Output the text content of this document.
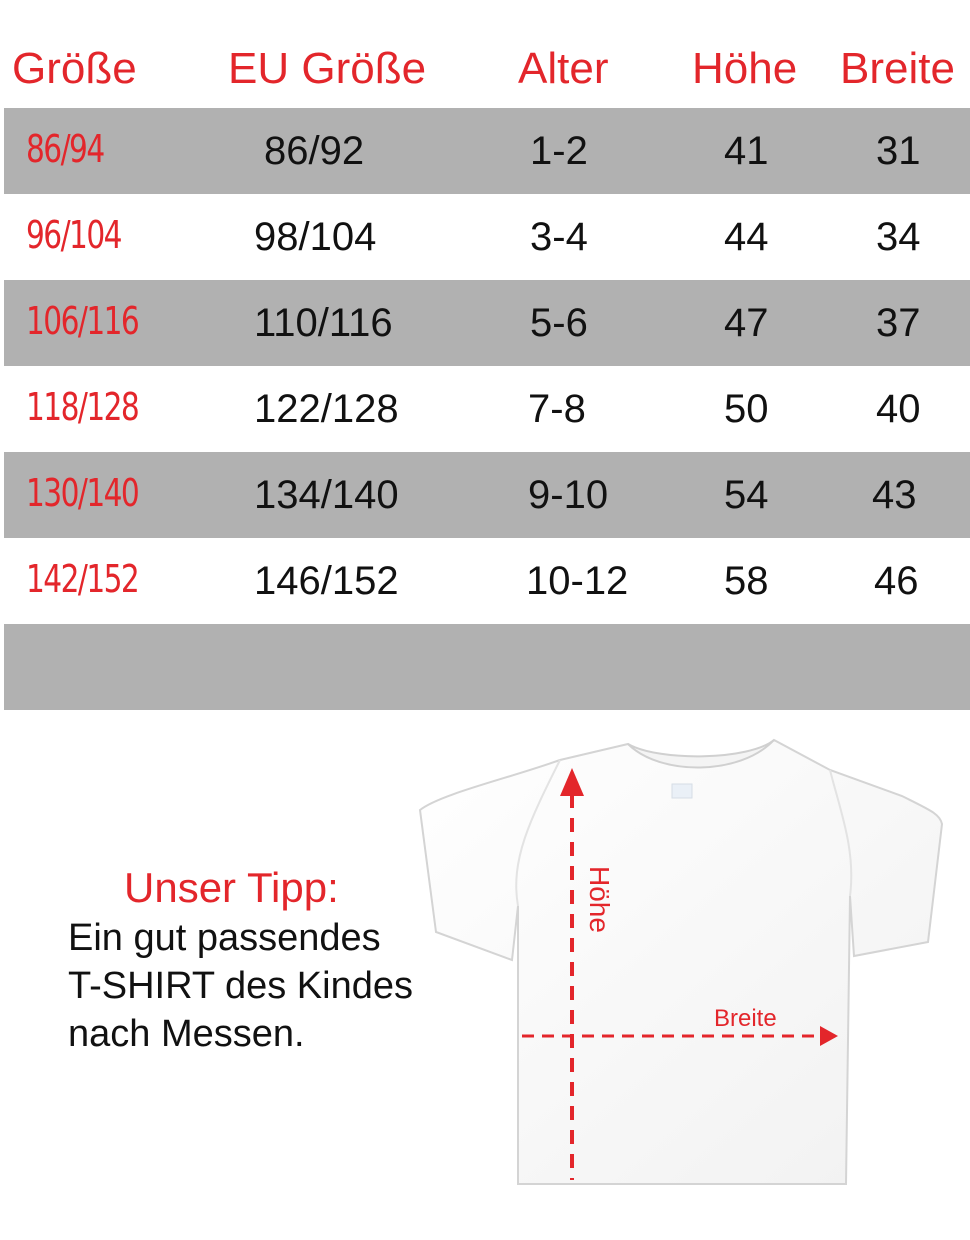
Größe EU Größe Alter Höhe Breite
86/94	86/92	1-2	41	31
96/104	98/104	3-4	44	34
106/116	110/116	5-6	47	37
118/128	122/128	7-8	50	40
130/140	134/140	9-10	54	43
142/152	146/152	10-12 58	46
Unser Tipp:
Ein gut passendes
T-SHIRT des Kindes
nach Messen.
Höhe
Breite
